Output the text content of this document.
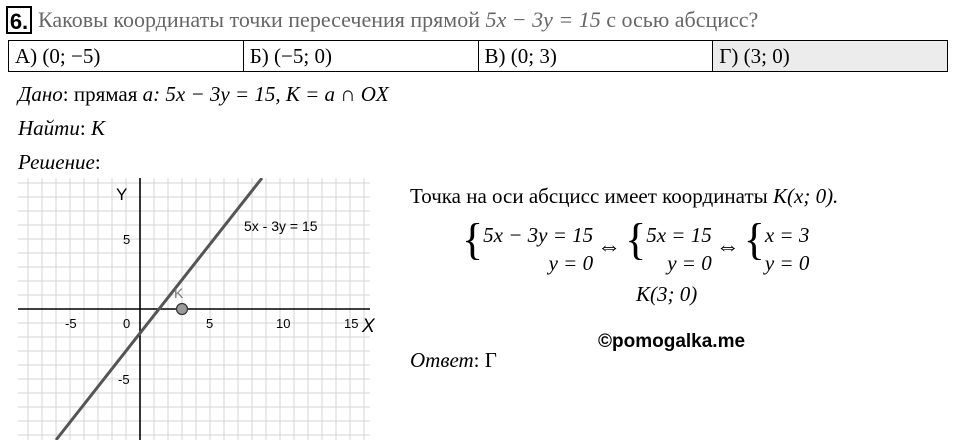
6. Каковы координаты точки пересечения прямой 5x − 3y = 15 с осью абсцисс?
А) (0; −5)	Б) (−5; 0)	В) (0; 3)	Г) (3; 0)
Дано: прямая a: 5x − 3y = 15, K = a ∩ OX
Найти: K
Решение:
Y
X
5x - 3y = 15
K
-5	0	5	10	15
5
-5
Точка на оси абсцисс имеет координаты K(x; 0).
{ 5x − 3y = 15
y = 0
⇔{ 5x = 15
y = 0
⇔{ x = 3
y = 0
K(3; 0)
©pomogalka.me
Ответ: Г
